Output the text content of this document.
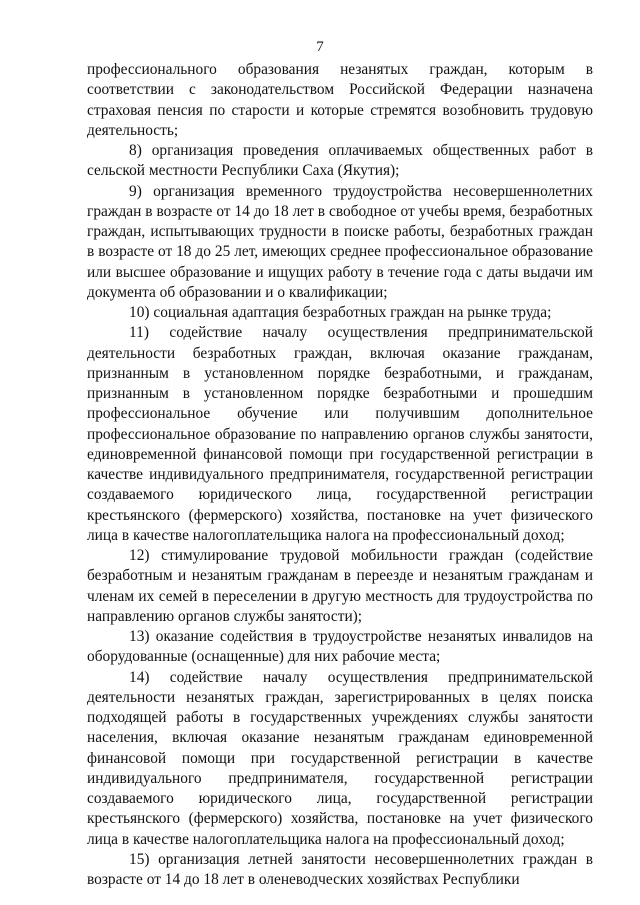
7

профессионального образования незанятых граждан, которым в соответствии с законодательством Российской Федерации назначена страховая пенсия по старости и которые стремятся возобновить трудовую деятельность;

8) организация проведения оплачиваемых общественных работ в сельской местности Республики Саха (Якутия);

9) организация временного трудоустройства несовершеннолетних граждан в возрасте от 14 до 18 лет в свободное от учебы время, безработных граждан, испытывающих трудности в поиске работы, безработных граждан в возрасте от 18 до 25 лет, имеющих среднее профессиональное образование или высшее образование и ищущих работу в течение года с даты выдачи им документа об образовании и о квалификации;

10) социальная адаптация безработных граждан на рынке труда;

11) содействие началу осуществления предпринимательской деятельности безработных граждан, включая оказание гражданам, признанным в установленном порядке безработными, и гражданам, признанным в установленном порядке безработными и прошедшим профессиональное обучение или получившим дополнительное профессиональное образование по направлению органов службы занятости, единовременной финансовой помощи при государственной регистрации в качестве индивидуального предпринимателя, государственной регистрации создаваемого юридического лица, государственной регистрации крестьянского (фермерского) хозяйства, постановке на учет физического лица в качестве налогоплательщика налога на профессиональный доход;

12) стимулирование трудовой мобильности граждан (содействие безработным и незанятым гражданам в переезде и незанятым гражданам и членам их семей в переселении в другую местность для трудоустройства по направлению органов службы занятости);

13) оказание содействия в трудоустройстве незанятых инвалидов на оборудованные (оснащенные) для них рабочие места;

14) содействие началу осуществления предпринимательской деятельности незанятых граждан, зарегистрированных в целях поиска подходящей работы в государственных учреждениях службы занятости населения, включая оказание незанятым гражданам единовременной финансовой помощи при государственной регистрации в качестве индивидуального предпринимателя, государственной регистрации создаваемого юридического лица, государственной регистрации крестьянского (фермерского) хозяйства, постановке на учет физического лица в качестве налогоплательщика налога на профессиональный доход;

15) организация летней занятости несовершеннолетних граждан в возрасте от 14 до 18 лет в оленеводческих хозяйствах Республики
